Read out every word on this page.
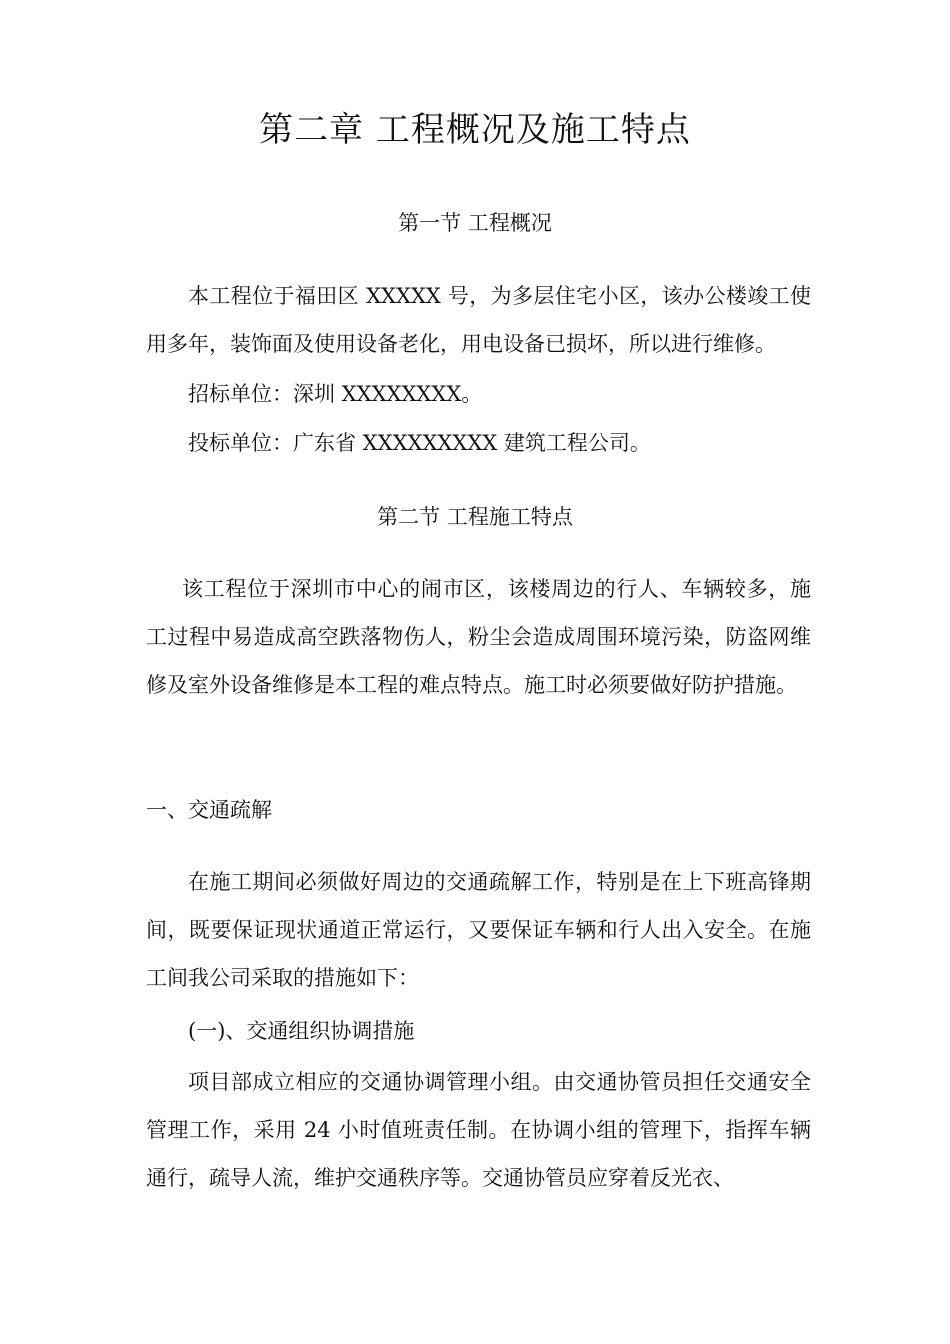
第二章 工程概况及施工特点
第一节 工程概况
本工程位于福田区 XXXXX 号，为多层住宅小区，该办公楼竣工使用多年，装饰面及使用设备老化，用电设备已损坏，所以进行维修。
招标单位：深圳 XXXXXXXX。
投标单位：广东省 XXXXXXXXX 建筑工程公司。
第二节 工程施工特点
该工程位于深圳市中心的闹市区，该楼周边的行人、车辆较多，施工过程中易造成高空跌落物伤人，粉尘会造成周围环境污染，防盗网维修及室外设备维修是本工程的难点特点。施工时必须要做好防护措施。
一、交通疏解
在施工期间必须做好周边的交通疏解工作，特别是在上下班高锋期间，既要保证现状通道正常运行，又要保证车辆和行人出入安全。在施工间我公司采取的措施如下：
(一)、交通组织协调措施
项目部成立相应的交通协调管理小组。由交通协管员担任交通安全管理工作，采用 24 小时值班责任制。在协调小组的管理下，指挥车辆通行，疏导人流，维护交通秩序等。交通协管员应穿着反光衣、
